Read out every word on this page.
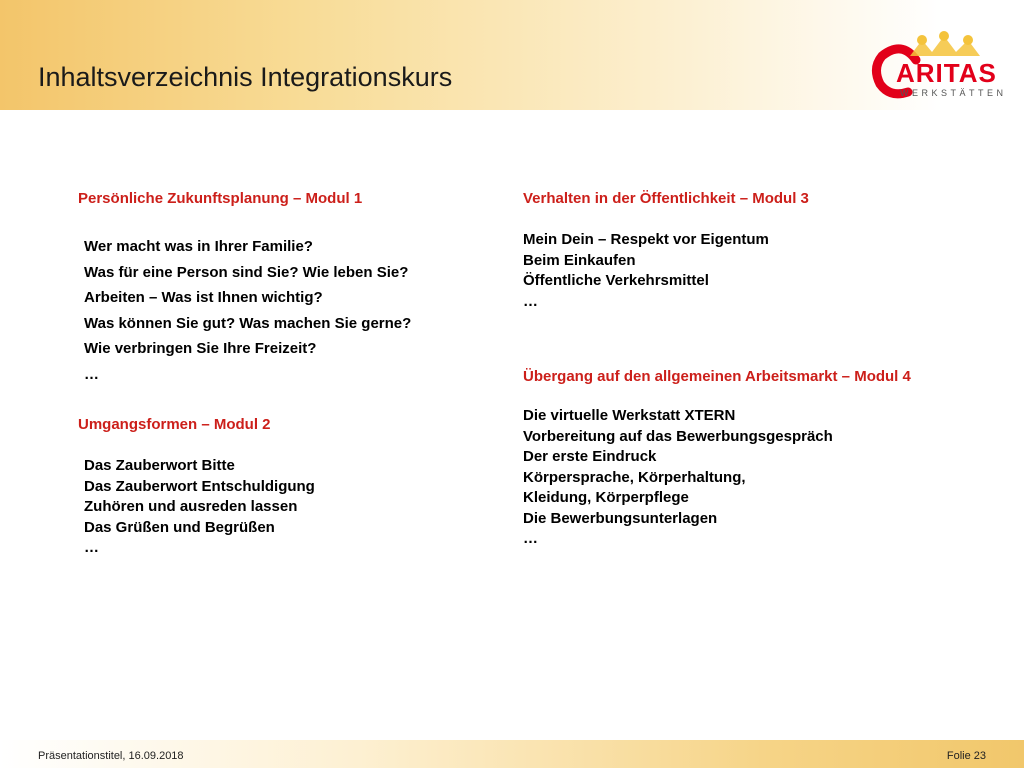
Inhaltsverzeichnis Integrationskurs	ARITAS
WERKSTÄTTEN
Persönliche Zukunftsplanung – Modul 1
Wer macht was in Ihrer Familie?
Was für eine Person sind Sie? Wie leben Sie?
Arbeiten – Was ist Ihnen wichtig?
Was können Sie gut? Was machen Sie gerne?
Wie verbringen Sie Ihre Freizeit?
…
Umgangsformen – Modul 2
Das Zauberwort Bitte
Das Zauberwort Entschuldigung
Zuhören und ausreden lassen
Das Grüßen und Begrüßen
…
Verhalten in der Öffentlichkeit – Modul 3
Mein Dein – Respekt vor Eigentum
Beim Einkaufen
Öffentliche Verkehrsmittel
…
Übergang auf den allgemeinen Arbeitsmarkt – Modul 4
Die virtuelle Werkstatt XTERN
Vorbereitung auf das Bewerbungsgespräch
Der erste Eindruck
Körpersprache, Körperhaltung,
Kleidung, Körperpflege
Die Bewerbungsunterlagen
…
Präsentationstitel, 16.09.2018	Folie 23
